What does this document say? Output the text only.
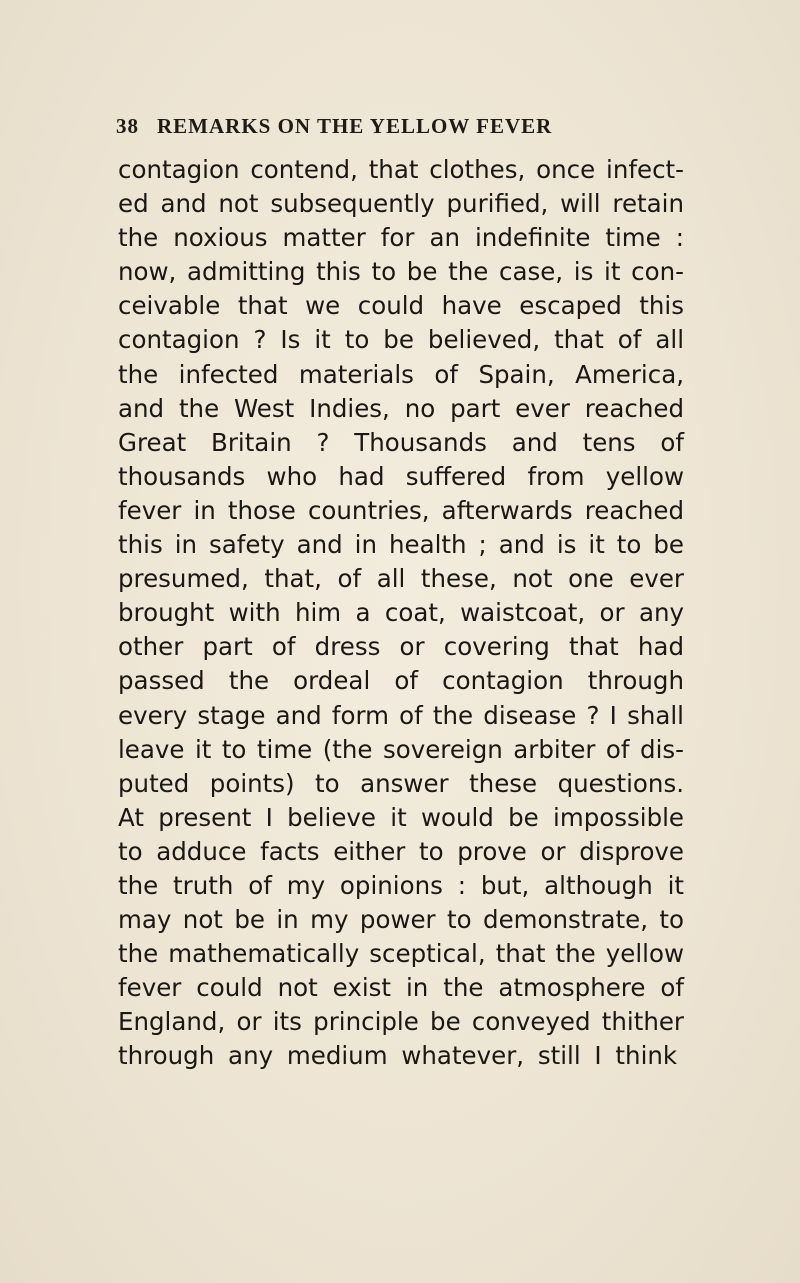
38 REMARKS ON THE YELLOW FEVER
contagion contend, that clothes, once infect-
ed and not subsequently purified, will retain
the noxious matter for an indefinite time :
now, admitting this to be the case, is it con-
ceivable that we could have escaped this
contagion ? Is it to be believed, that of all
the infected materials of Spain, America,
and the West Indies, no part ever reached
Great Britain ? Thousands and tens of
thousands who had suffered from yellow
fever in those countries, afterwards reached
this in safety and in health ; and is it to be
presumed, that, of all these, not one ever
brought with him a coat, waistcoat, or any
other part of dress or covering that had
passed the ordeal of contagion through
every stage and form of the disease ? I shall
leave it to time (the sovereign arbiter of dis-
puted points) to answer these questions.
At present I believe it would be impossible
to adduce facts either to prove or disprove
the truth of my opinions : but, although it
may not be in my power to demonstrate, to
the mathematically sceptical, that the yellow
fever could not exist in the atmosphere of
England, or its principle be conveyed thither
through any medium whatever, still I think
